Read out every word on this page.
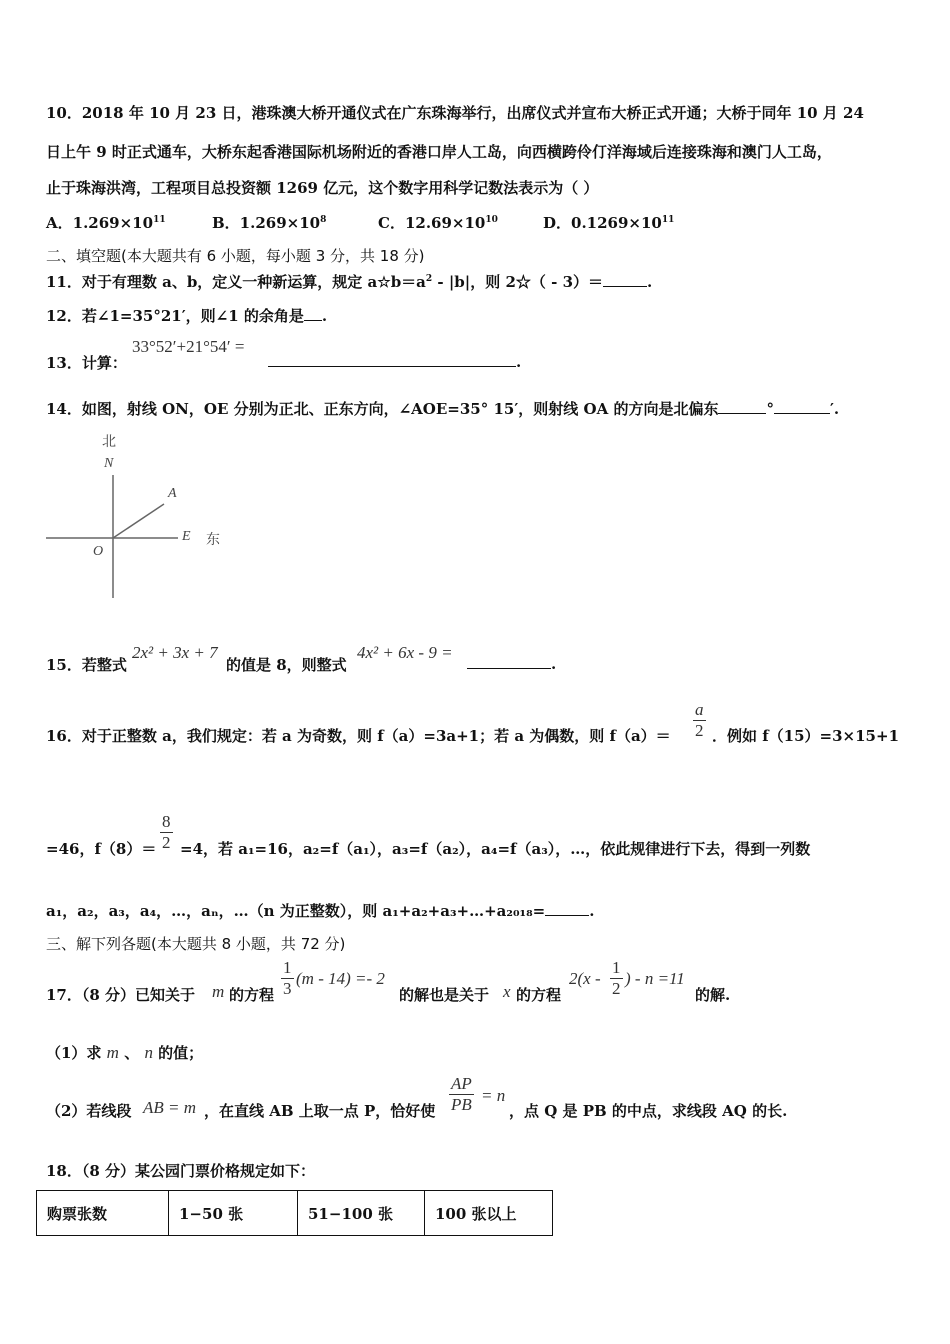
10．2018 年 10 月 23 日，港珠澳大桥开通仪式在广东珠海举行，出席仪式并宣布大桥正式开通；大桥于同年 10 月 24
日上午 9 时正式通车，大桥东起香港国际机场附近的香港口岸人工岛，向西横跨伶仃洋海域后连接珠海和澳门人工岛，
止于珠海洪湾，工程项目总投资额 1269 亿元，这个数字用科学记数法表示为（ ）
A．$1.269\times 10^{11}$	B．$1.269\times 10^8$	C．$12.69\times 10^{10}$	D．$0.1269\times 10^{11}$
二、填空题(本大题共有 6 小题，每小题 3 分，共 18 分)
11．对于有理数 a、b，定义一种新运算，规定 $a☆b=a^2 - |b|$，则 2☆（ - 3）＝	.
12．若∠1=35°21′，则∠1 的余角是 .
13．计算：
33°52′+21°54′ =
.
14．如图，射线 ON，OE 分别为正北、正东方向，∠AOE=35° 15′，则射线 OA 的方向是北偏东	°	′.
北
N
A
E 东
O
15．若整式
2x² + 3x + 7
的值是 8，则整式
4x² + 6x - 9 =
.
16．对于正整数 a，我们规定：若 a 为奇数，则 f（a）=3a+1；若 a 为偶数，则 $f(a)= \frac{a}{2}$ ．例如 f（15）=3×15+1
=46，$f(8)= \frac{8}{2} =4$，若 a₁=16，a₂=f（a₁），a₃=f（a₂），a₄=f（a₃），…，依此规律进行下去，得到一列数
a₁，a₂，a₃，a₄，…，aₙ，…（n 为正整数），则 a₁+a₂+a₃+…+a₂₀₁₈=	.
三、解下列各题(本大题共 8 小题，共 72 分)
17．（8 分）已知关于 m 的方程 $\frac{1}{3} (m - 14) =- 2$
的解也是关于 x 的方程
$2(x - \frac{1}{2}$ ) - n =11
的解.
（1）求 m 、 n 的值；
（2）若线段 AB = m ，在直线 AB 上取一点 P，恰好使 $\frac{AP}{PB} = n$
，点 Q 是 PB 的中点，求线段 AQ 的长.
18．（8 分）某公园门票价格规定如下：
购票张数	1−50 张	51−100 张	100 张以上
